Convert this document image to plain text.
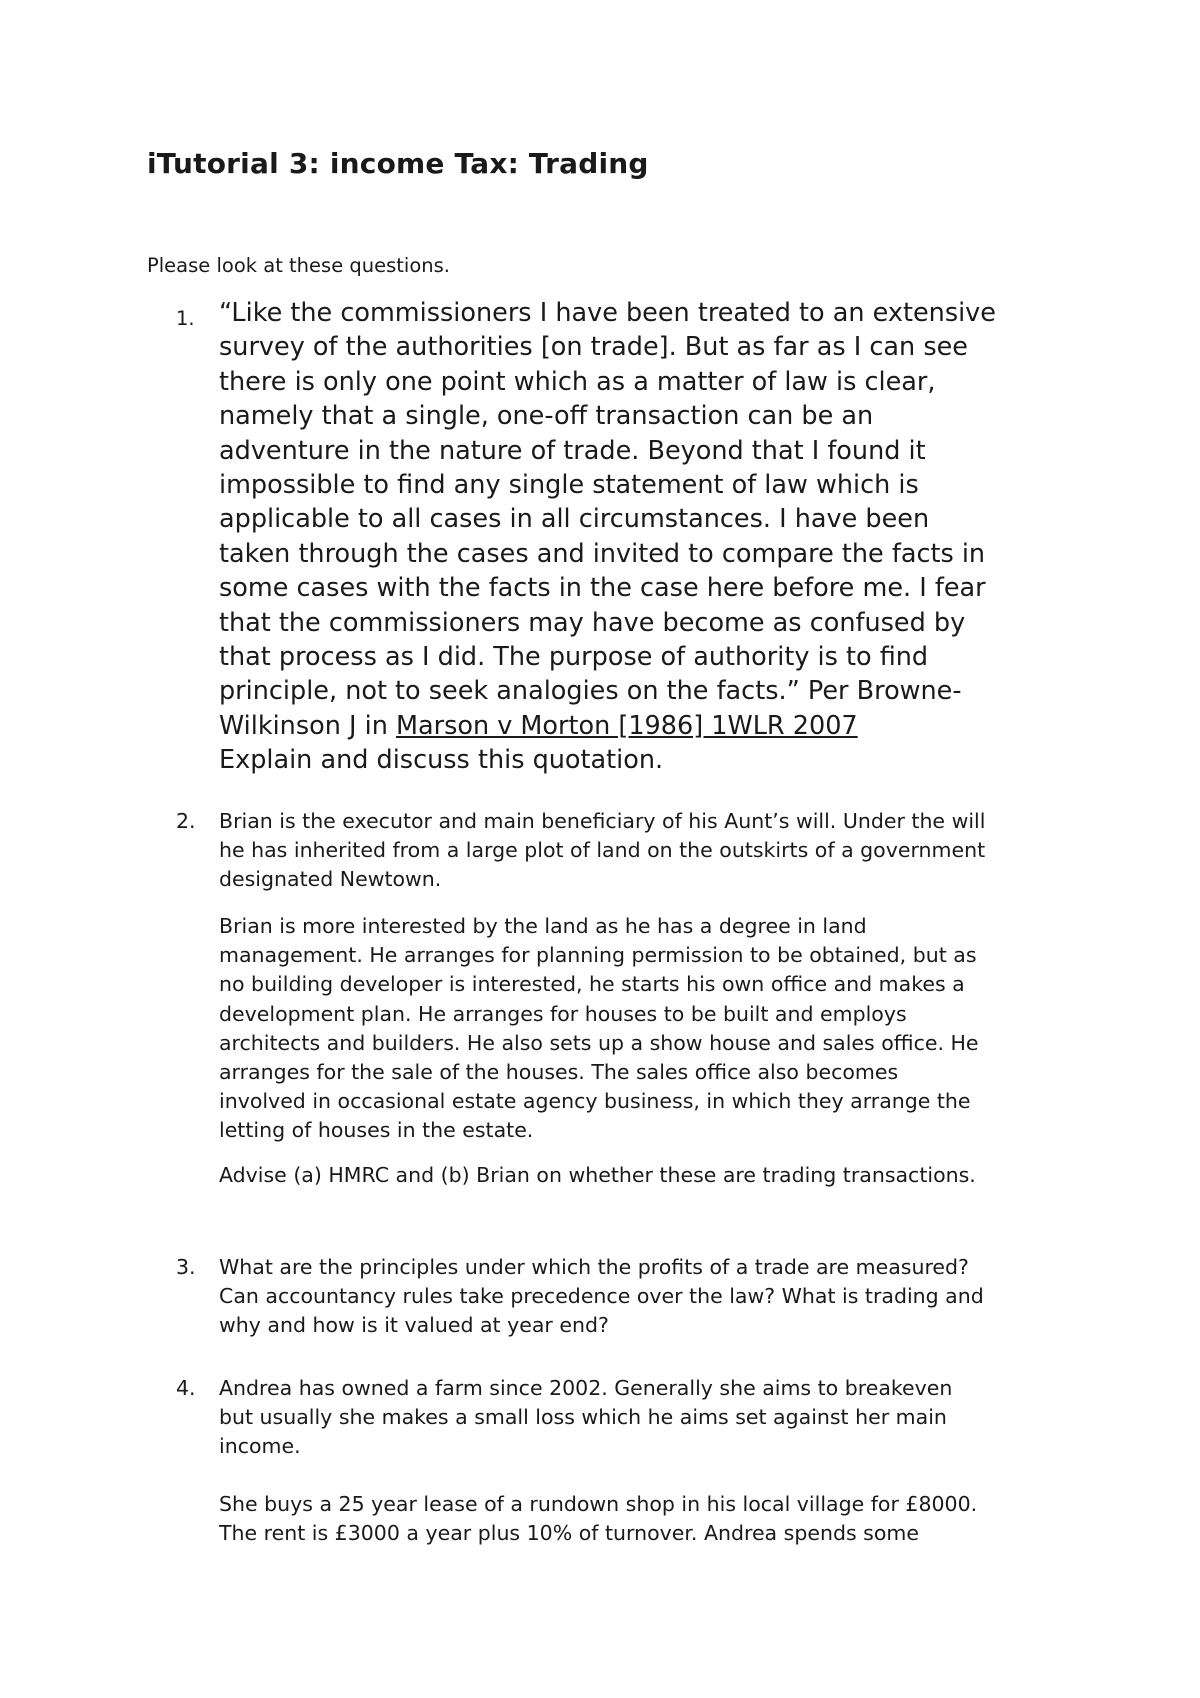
iTutorial 3: income Tax: Trading

Please look at these questions.

1. “Like the commissioners I have been treated to an extensive
survey of the authorities [on trade]. But as far as I can see
there is only one point which as a matter of law is clear,
namely that a single, one-off transaction can be an
adventure in the nature of trade. Beyond that I found it
impossible to find any single statement of law which is
applicable to all cases in all circumstances. I have been
taken through the cases and invited to compare the facts in
some cases with the facts in the case here before me. I fear
that the commissioners may have become as confused by
that process as I did. The purpose of authority is to find
principle, not to seek analogies on the facts.” Per Browne-
Wilkinson J in Marson v Morton [1986] 1WLR 2007
Explain and discuss this quotation.
2. Brian is the executor and main beneficiary of his Aunt’s will. Under the will
he has inherited from a large plot of land on the outskirts of a government
designated Newtown.
Brian is more interested by the land as he has a degree in land
management. He arranges for planning permission to be obtained, but as
no building developer is interested, he starts his own office and makes a
development plan. He arranges for houses to be built and employs
architects and builders. He also sets up a show house and sales office. He
arranges for the sale of the houses. The sales office also becomes
involved in occasional estate agency business, in which they arrange the
letting of houses in the estate.
Advise (a) HMRC and (b) Brian on whether these are trading transactions.
3. What are the principles under which the profits of a trade are measured?
Can accountancy rules take precedence over the law? What is trading and
why and how is it valued at year end?
4. Andrea has owned a farm since 2002. Generally she aims to breakeven
but usually she makes a small loss which he aims set against her main
income.
She buys a 25 year lease of a rundown shop in his local village for £8000.
The rent is £3000 a year plus 10% of turnover. Andrea spends some
